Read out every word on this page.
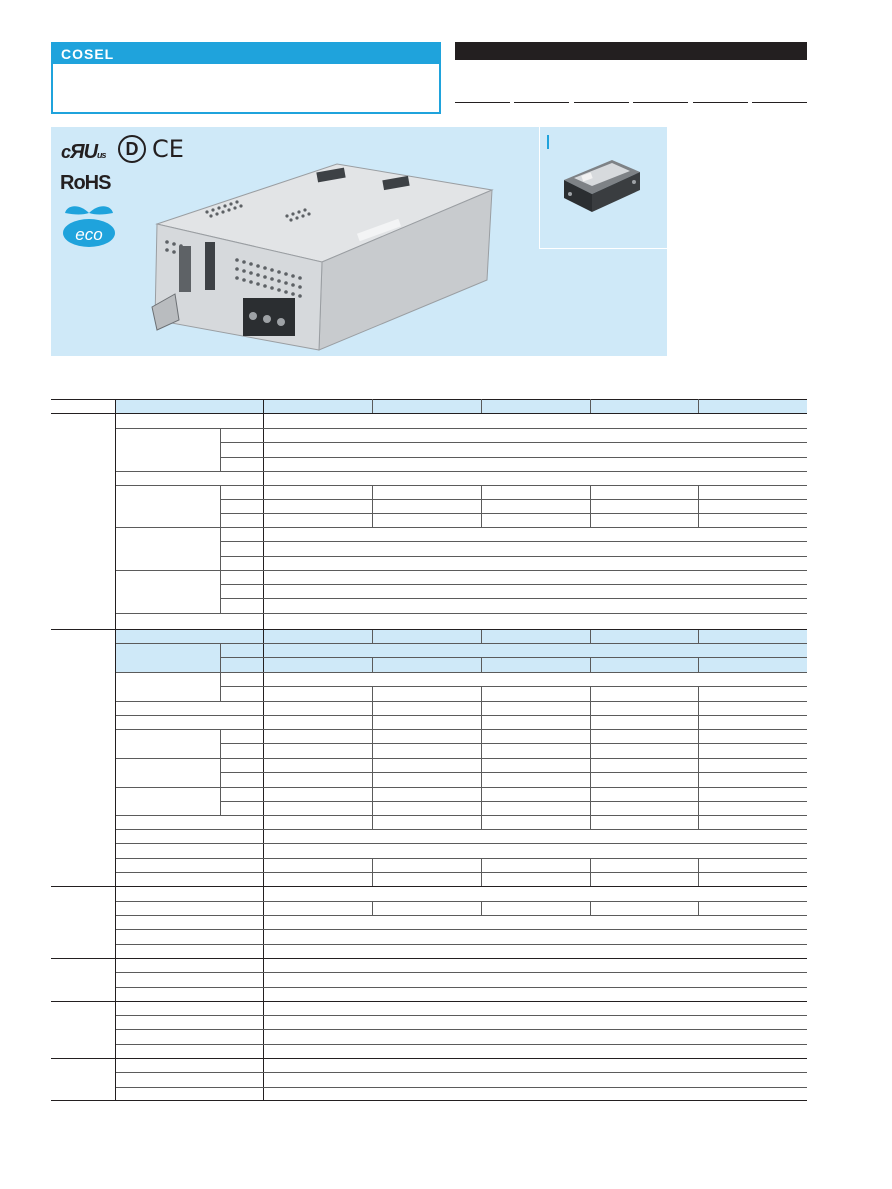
COSEL
cЯUus	D CE
RoHS
eco
